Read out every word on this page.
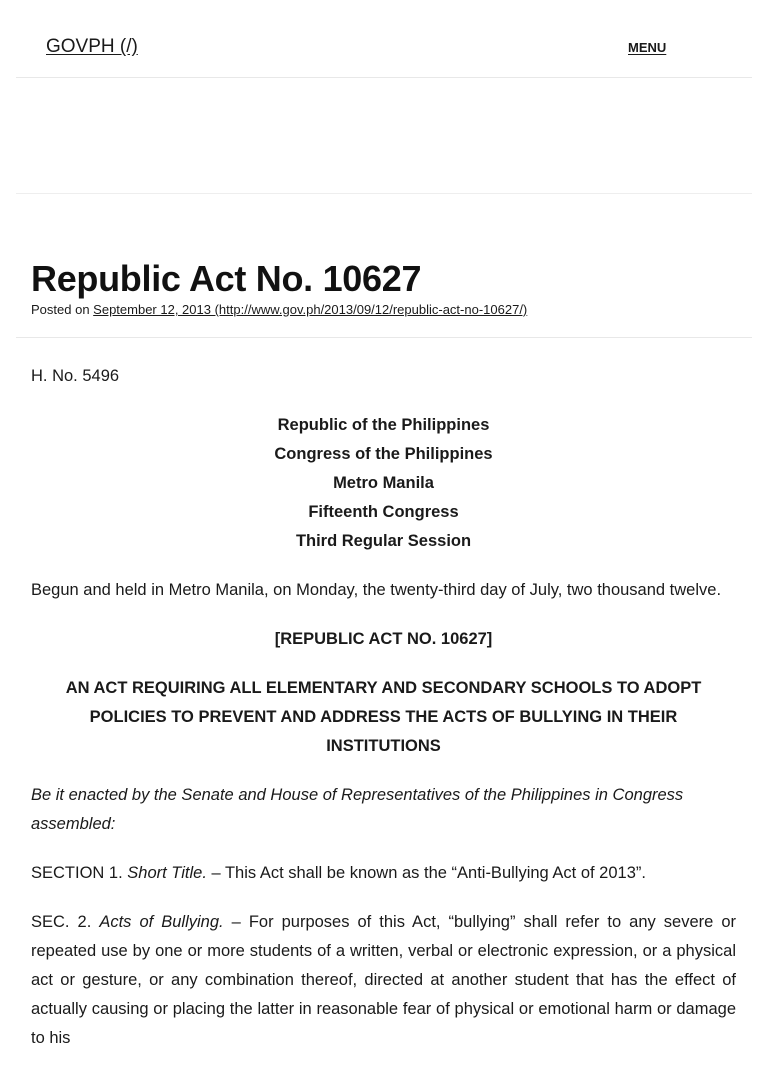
GOVPH (/)	MENU
Republic Act No. 10627
Posted on September 12, 2013 (http://www.gov.ph/2013/09/12/republic-act-no-10627/)

H. No. 5496

Republic of the Philippines
Congress of the Philippines
Metro Manila
Fifteenth Congress
Third Regular Session

Begun and held in Metro Manila, on Monday, the twenty-third day of July, two thousand twelve.

[REPUBLIC ACT NO. 10627]

AN ACT REQUIRING ALL ELEMENTARY AND SECONDARY SCHOOLS TO ADOPT POLICIES TO PREVENT AND ADDRESS THE ACTS OF BULLYING IN THEIR INSTITUTIONS

Be it enacted by the Senate and House of Representatives of the Philippines in Congress assembled:

SECTION 1. Short Title. – This Act shall be known as the “Anti-Bullying Act of 2013”.

SEC. 2. Acts of Bullying. – For purposes of this Act, “bullying” shall refer to any severe or repeated use by one or more students of a written, verbal or electronic expression, or a physical act or gesture, or any combination thereof, directed at another student that has the effect of actually causing or placing the latter in reasonable fear of physical or emotional harm or damage to his
